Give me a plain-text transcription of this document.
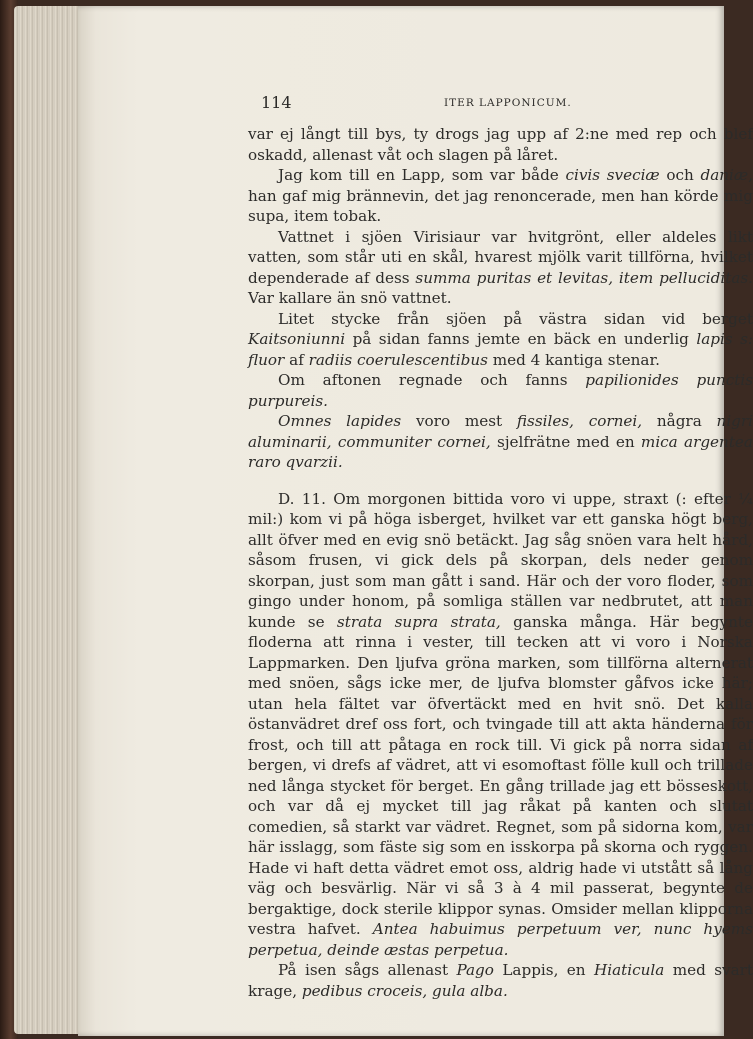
114	ITER LAPPONICUM.

var ej långt till bys, ty drogs jag upp af 2:ne med rep och blef oskadd, allenast våt och slagen på låret.

Jag kom till en Lapp, som var både civis sveciæ och daniæ, han gaf mig brännevin, det jag renoncerade, men han körde mig supa, item tobak.

Vattnet i sjöen Virisiaur var hvitgrönt, eller aldeles likt vatten, som står uti en skål, hvarest mjölk varit tillförna, hvilket dependerade af dess summa puritas et levitas, item pelluciditas. Var kallare än snö vattnet.

Litet stycke från sjöen på västra sidan vid berget Kaitsoniunni på sidan fanns jemte en bäck en underlig lapis s: fluor af radiis coerulescentibus med 4 kantiga stenar.

Om aftonen regnade och fanns papilionides punctis purpureis.

Omnes lapides voro mest fissiles, cornei, några nigri aluminarii, communiter cornei, sjelfrätne med en mica argentea raro qvarzii.

D. 11. Om morgonen bittida voro vi uppe, straxt (: efter ¼ mil:) kom vi på höga isberget, hvilket var ett ganska högt berg, allt öfver med en evig snö betäckt. Jag såg snöen vara helt hård, såsom frusen, vi gick dels på skorpan, dels neder genom skorpan, just som man gått i sand. Här och der voro floder, som gingo under honom, på somliga ställen var nedbrutet, att man kunde se strata supra strata, ganska många. Här begynte floderna att rinna i vester, till tecken att vi voro i Norska Lappmarken. Den ljufva gröna marken, som tillförna alternerat med snöen, sågs icke mer, de ljufva blomster gåfvos icke här; utan hela fältet var öfvertäckt med en hvit snö. Det kalla östanvädret dref oss fort, och tvingade till att akta händerna för frost, och till att påtaga en rock till. Vi gick på norra sidan af bergen, vi drefs af vädret, att vi esomoftast fölle kull och trillade ned långa stycket för berget. En gång trillade jag ett bösseskott, och var då ej mycket till jag råkat på kanten och slutat comedien, så starkt var vädret. Regnet, som på sidorna kom, var här isslagg, som fäste sig som en isskorpa på skorna och ryggen. Hade vi haft detta vädret emot oss, aldrig hade vi utstått så lång väg och besvärlig. När vi så 3 à 4 mil passerat, begynte de bergaktige, dock sterile klippor synas. Omsider mellan klipporna vestra hafvet. Antea habuimus perpetuum ver, nunc hyems perpetua, deinde æstas perpetua.

På isen sågs allenast Pago Lappis, en Hiaticula med svart krage, pedibus croceis, gula alba.
